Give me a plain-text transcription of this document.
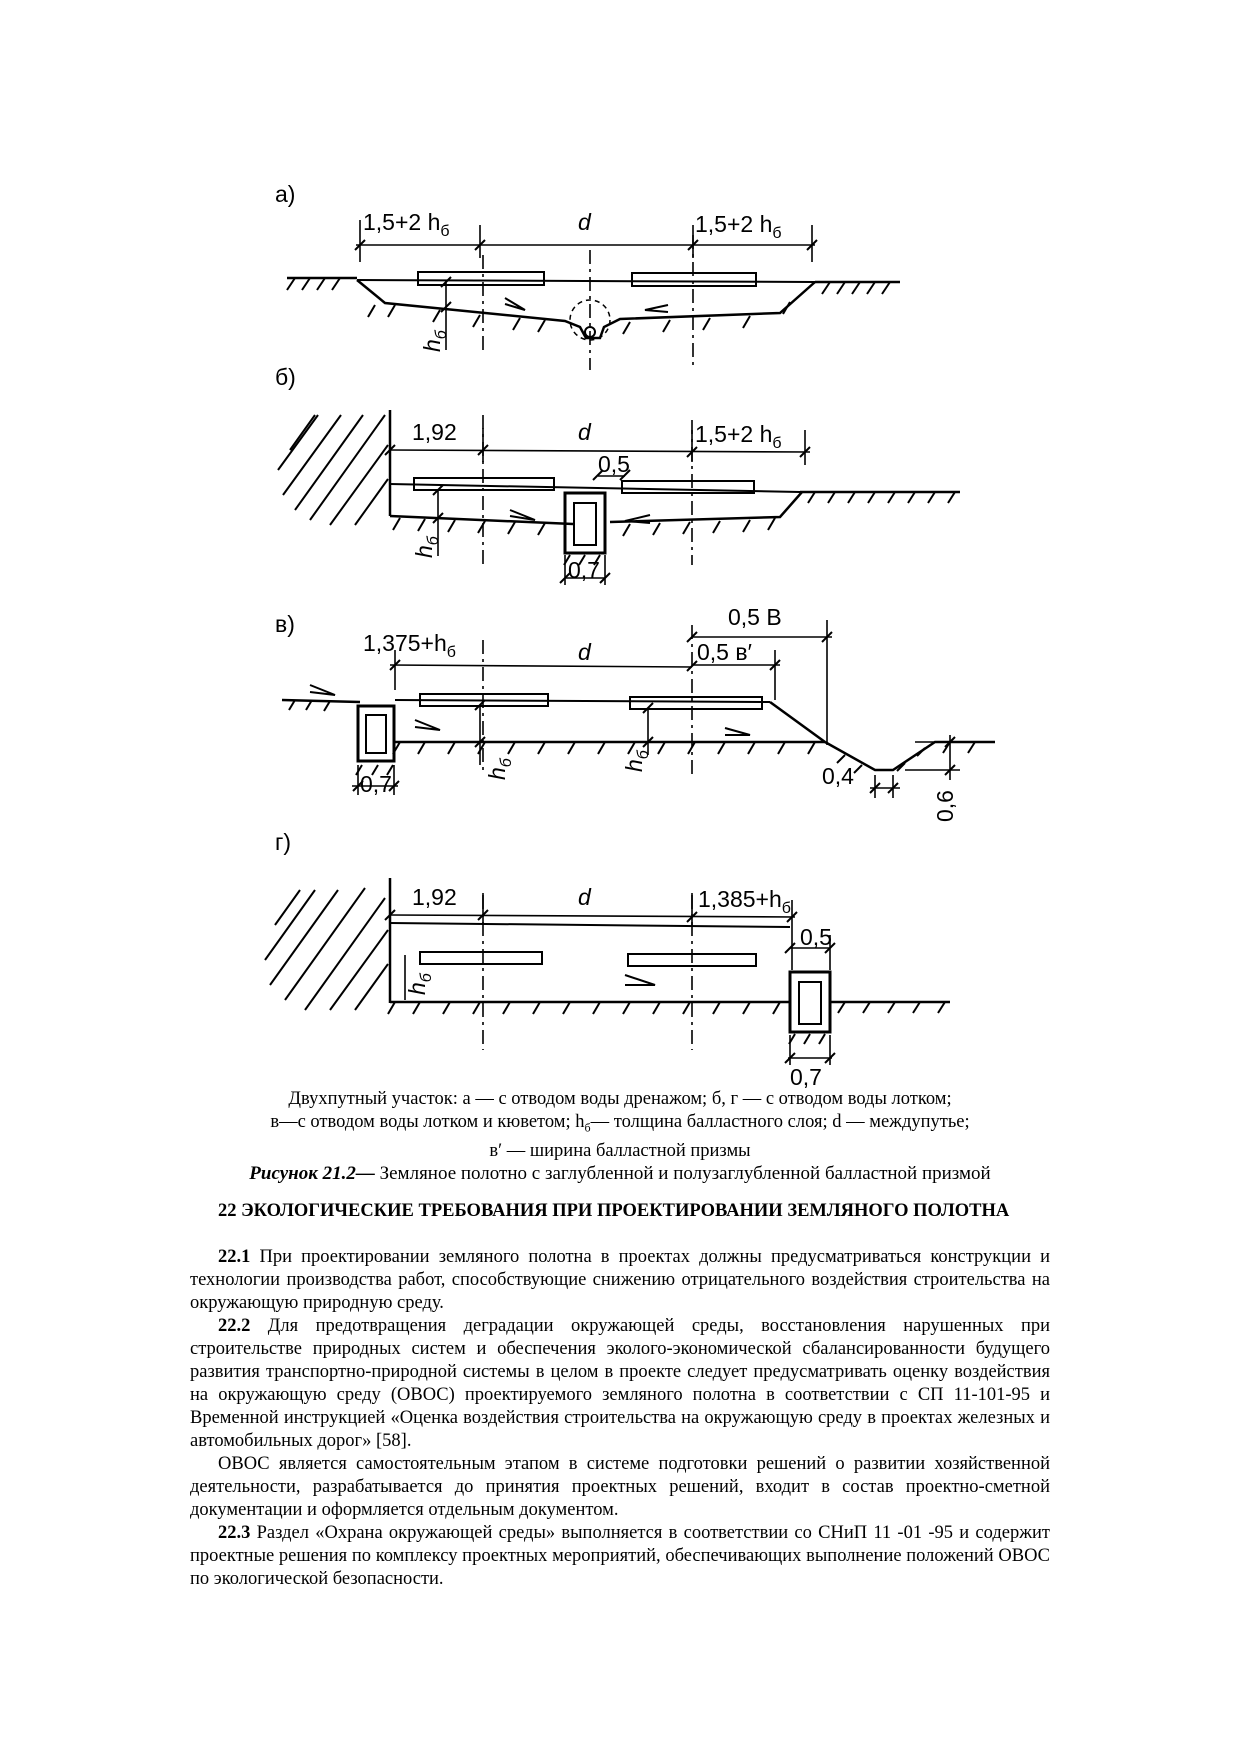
а)
1,5+2 $h_б$	d	1,5+2 $h_б$
$h_б$
б)
1,92	d	1,5+2 $h_б$
0,5
0,7
$h_б$
в)
$1,375+h_б$	d
0,5 В
0,5 в′
0,4
0,6
0,7	$h_б$	$h_б$
г)
1,92	d	$1,385+h_б$
0,5
0,7
$h_б$
Двухпутный участок: а — с отводом воды дренажом; б, г — с отводом воды лотком;
в—с отводом воды лотком и кюветом; $h_б—$ толщина балластного слоя; d — междупутье;
в′ — ширина балластной призмы
Рисунок 21.2— Земляное полотно с заглубленной и полузаглубленной балластной призмой
22 ЭКОЛОГИЧЕСКИЕ ТРЕБОВАНИЯ ПРИ ПРОЕКТИРОВАНИИ ЗЕМЛЯНОГО ПОЛОТНА

22.1 При проектировании земляного полотна в проектах должны предусматриваться конструкции и технологии производства работ, способствующие снижению отрицательного воздействия строительства на окружающую природную среду.

22.2 Для предотвращения деградации окружающей среды, восстановления нарушенных при строительстве природных систем и обеспечения эколого-экономической сбалансированности будущего развития транспортно-природной системы в целом в проекте следует предусматривать оценку воздействия на окружающую среду (ОВОС) проектируемого земляного полотна в соответствии с СП 11-101-95 и Временной инструкцией «Оценка воздействия строительства на окружающую среду в проектах железных и автомобильных дорог» [58].

ОВОС является самостоятельным этапом в системе подготовки решений о развитии хозяйственной деятельности, разрабатывается до принятия проектных решений, входит в состав проектно-сметной документации и оформляется отдельным документом.

22.3 Раздел «Охрана окружающей среды» выполняется в соответствии со СНиП 11 -01 -95 и содержит проектные решения по комплексу проектных мероприятий, обеспечивающих выполнение положений ОВОС по экологической безопасности.
